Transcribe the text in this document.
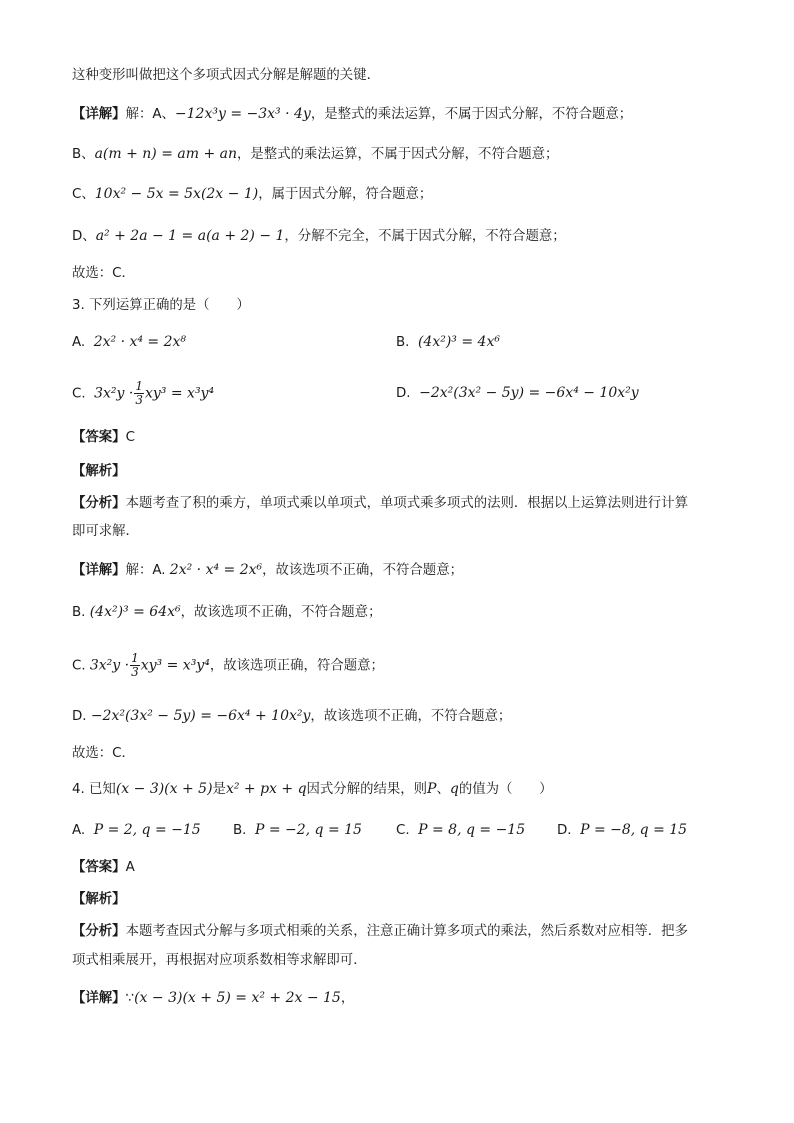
这种变形叫做把这个多项式因式分解是解题的关键．
【详解】解：A、−12x³y = −3x³ · 4y，是整式的乘法运算，不属于因式分解，不符合题意；
B、a(m + n) = am + an，是整式的乘法运算，不属于因式分解，不符合题意；
C、10x² − 5x = 5x(2x − 1)，属于因式分解，符合题意；
D、a² + 2a − 1 = a(a + 2) − 1，分解不完全，不属于因式分解，不符合题意；
故选：C．
3. 下列运算正确的是（　　）
A. 2x² · x⁴ = 2x⁸	B. (4x²)³ = 4x⁶
C. $3x^2y \cdot \frac{1}{3} xy^3 = x^3y^4$	D. −2x²(3x² − 5y) = −6x⁴ − 10x²y
【答案】C
【解析】
【分析】本题考查了积的乘方，单项式乘以单项式，单项式乘多项式的法则．根据以上运算法则进行计算
即可求解．
【详解】解：A. 2x² · x⁴ = 2x⁶，故该选项不正确，不符合题意；
B. (4x²)³ = 64x⁶，故该选项不正确，不符合题意；
C. $3x^2y \cdot \frac{1}{3} xy^3 = x^3y^4$，故该选项正确，符合题意；
D. −2x²(3x² − 5y) = −6x⁴ + 10x²y，故该选项不正确，不符合题意；
故选：C．
4. 已知(x − 3)(x + 5)是x² + px + q因式分解的结果，则P、q的值为（　　）
A. P = 2, q = −15 B. P = −2, q = 15	C. P = 8, q = −15 D. P = −8, q = 15
【答案】A
【解析】
【分析】本题考查因式分解与多项式相乘的关系，注意正确计算多项式的乘法，然后系数对应相等．把多
项式相乘展开，再根据对应项系数相等求解即可．
【详解】∵(x − 3)(x + 5) = x² + 2x − 15，
